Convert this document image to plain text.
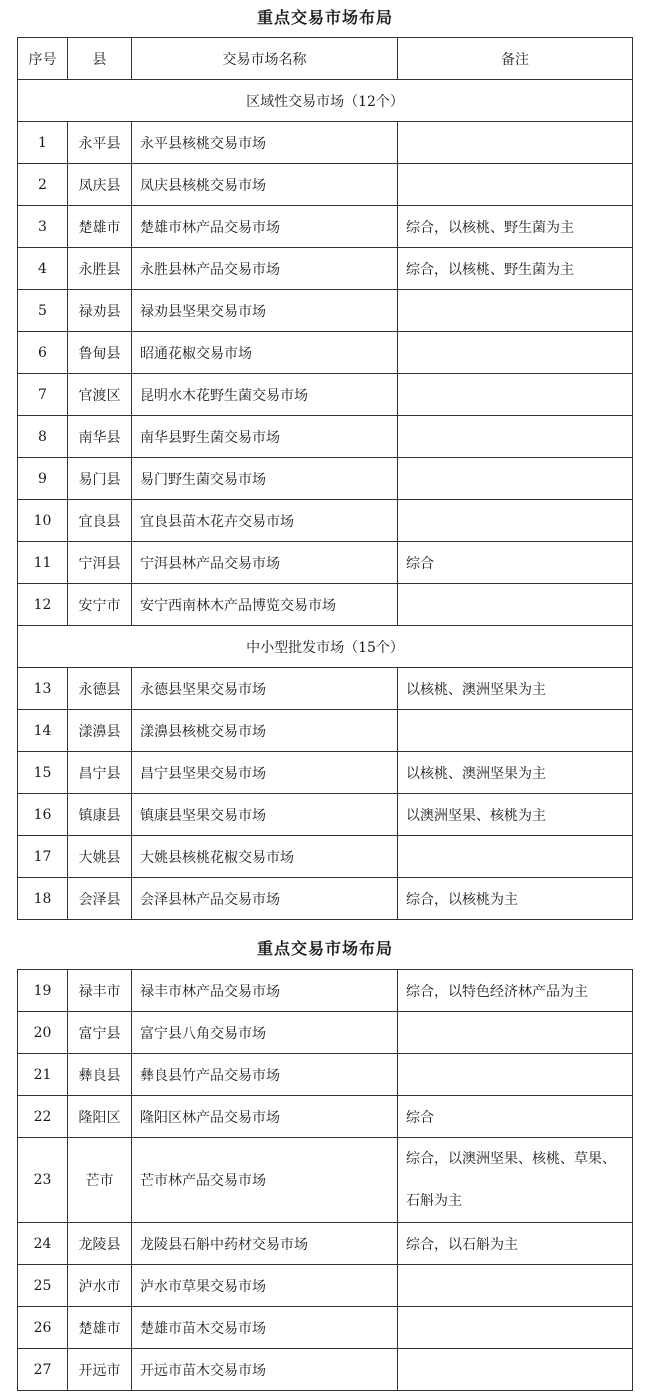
重点交易市场布局
序号	县	交易市场名称	备注
区域性交易市场（12个）			
1	永平县	永平县核桃交易市场	
2	凤庆县	凤庆县核桃交易市场	
3	楚雄市	楚雄市林产品交易市场	综合，以核桃、野生菌为主
4	永胜县	永胜县林产品交易市场	综合，以核桃、野生菌为主
5	禄劝县	禄劝县坚果交易市场	
6	鲁甸县	昭通花椒交易市场	
7	官渡区	昆明水木花野生菌交易市场	
8	南华县	南华县野生菌交易市场	
9	易门县	易门野生菌交易市场	
10	宜良县	宜良县苗木花卉交易市场	
11	宁洱县	宁洱县林产品交易市场	综合
12	安宁市	安宁西南林木产品博览交易市场	
中小型批发市场（15个）			
13	永德县	永德县坚果交易市场	以核桃、澳洲坚果为主
14	漾濞县	漾濞县核桃交易市场	
15	昌宁县	昌宁县坚果交易市场	以核桃、澳洲坚果为主
16	镇康县	镇康县坚果交易市场	以澳洲坚果、核桃为主
17	大姚县	大姚县核桃花椒交易市场	
18	会泽县	会泽县林产品交易市场	综合，以核桃为主
重点交易市场布局
19	禄丰市	禄丰市林产品交易市场	综合，以特色经济林产品为主
20	富宁县	富宁县八角交易市场	
21	彝良县	彝良县竹产品交易市场	
22	隆阳区	隆阳区林产品交易市场	综合
23	芒市	芒市林产品交易市场	综合，以澳洲坚果、核桃、草果、石斛为主
24	龙陵县	龙陵县石斛中药材交易市场	综合，以石斛为主
25	泸水市	泸水市草果交易市场	
26	楚雄市	楚雄市苗木交易市场	
27	开远市	开远市苗木交易市场	
